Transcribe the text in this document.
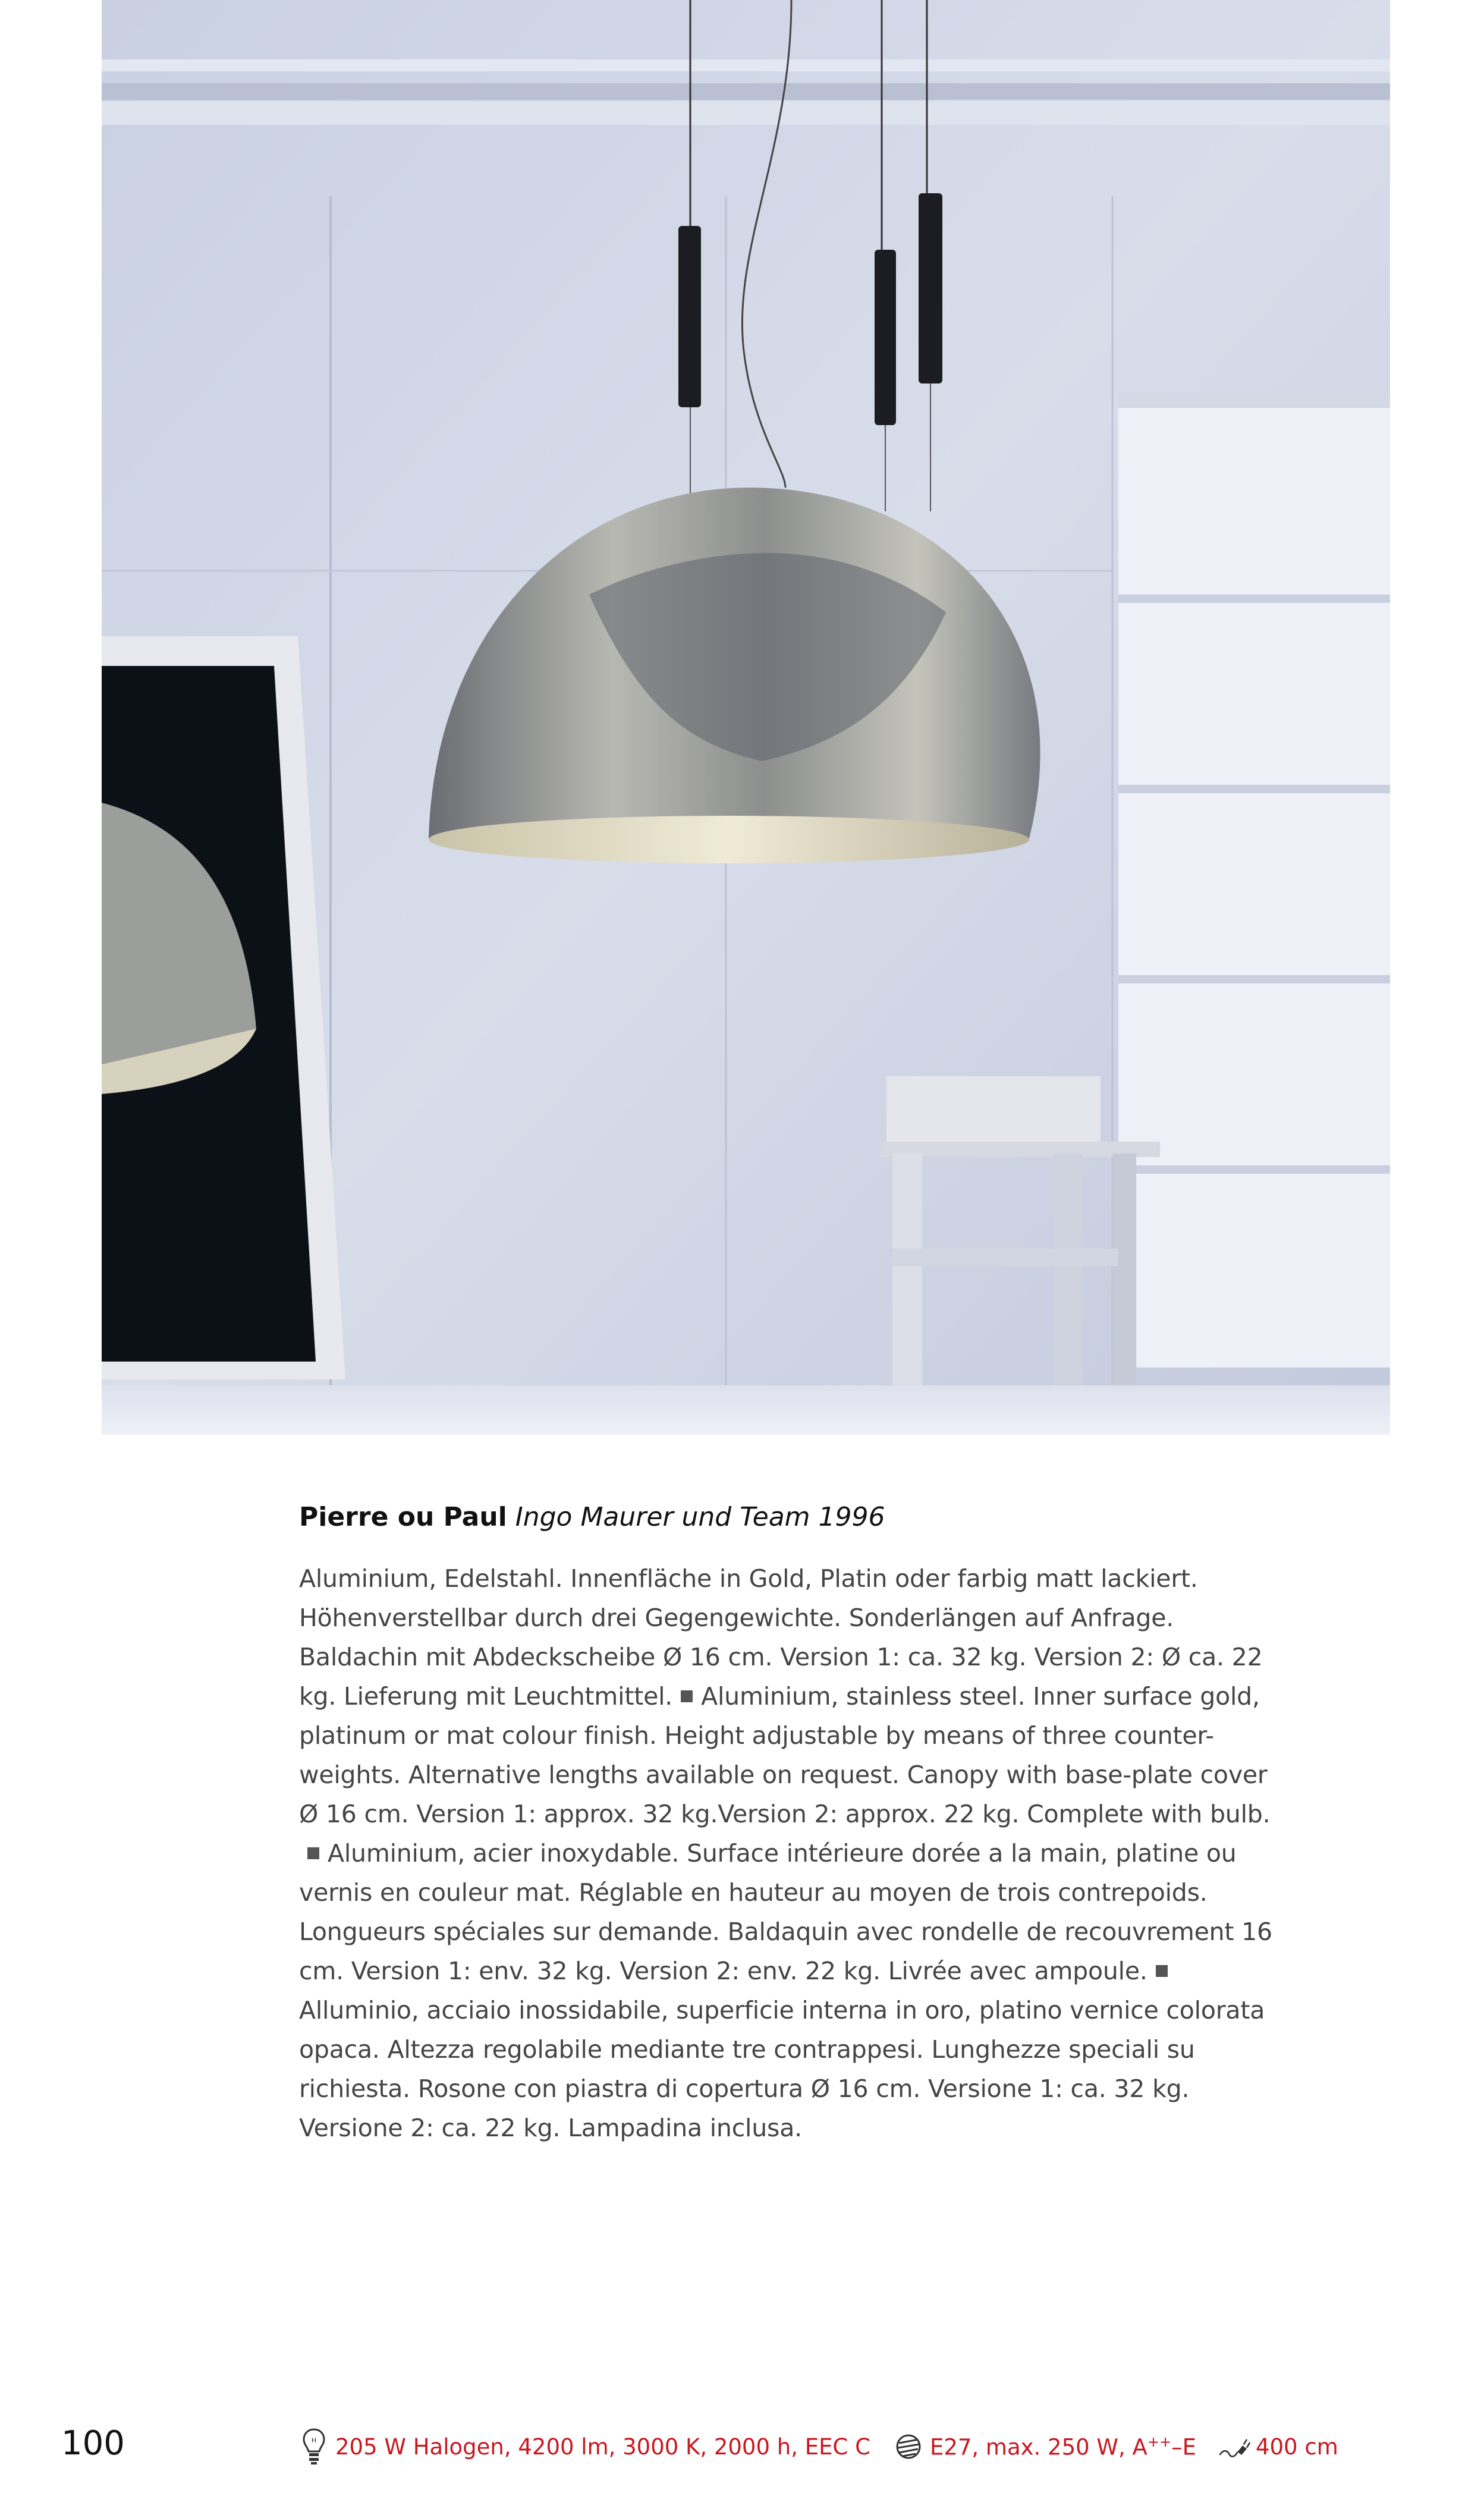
Pierre ou Paul Ingo Maurer und Team 1996

Aluminium, Edelstahl. Innenfläche in Gold, Platin oder farbig matt lackiert. Höhenverstellbar durch drei Gegengewichte. Sonderlängen auf Anfrage. Baldachin mit Abdeckscheibe Ø 16 cm. Version 1: ca. 32 kg. Version 2: Ø ca. 22 kg. Lieferung mit Leuchtmittel. Aluminium, stainless steel. Inner surface gold, platinum or mat colour finish. Height adjustable by means of three counter-weights. Alternative lengths available on request. Canopy with base-plate cover Ø 16 cm. Version 1: approx. 32 kg.Version 2: approx. 22 kg. Complete with bulb.Aluminium, acier inoxydable. Surface intérieure dorée a la main, platine ou vernis en couleur mat. Réglable en hauteur au moyen de trois contrepoids. Longueurs spéciales sur demande. Baldaquin avec rondelle de recouvrement 16 cm. Version 1: env. 32 kg. Version 2: env. 22 kg. Livrée avec ampoule.Alluminio, acciaio inossidabile, superficie interna in oro, platino vernice colorata opaca. Altezza regolabile mediante tre contrappesi. Lunghezze speciali su richiesta. Rosone con piastra di copertura Ø 16 cm. Versione 1: ca. 32 kg. Versione 2: ca. 22 kg. Lampadina inclusa.

100	H 205 W Halogen, 4200 lm, 3000 K, 2000 h, EEC C	E27, max. 250 W, A++–E	400 cm
